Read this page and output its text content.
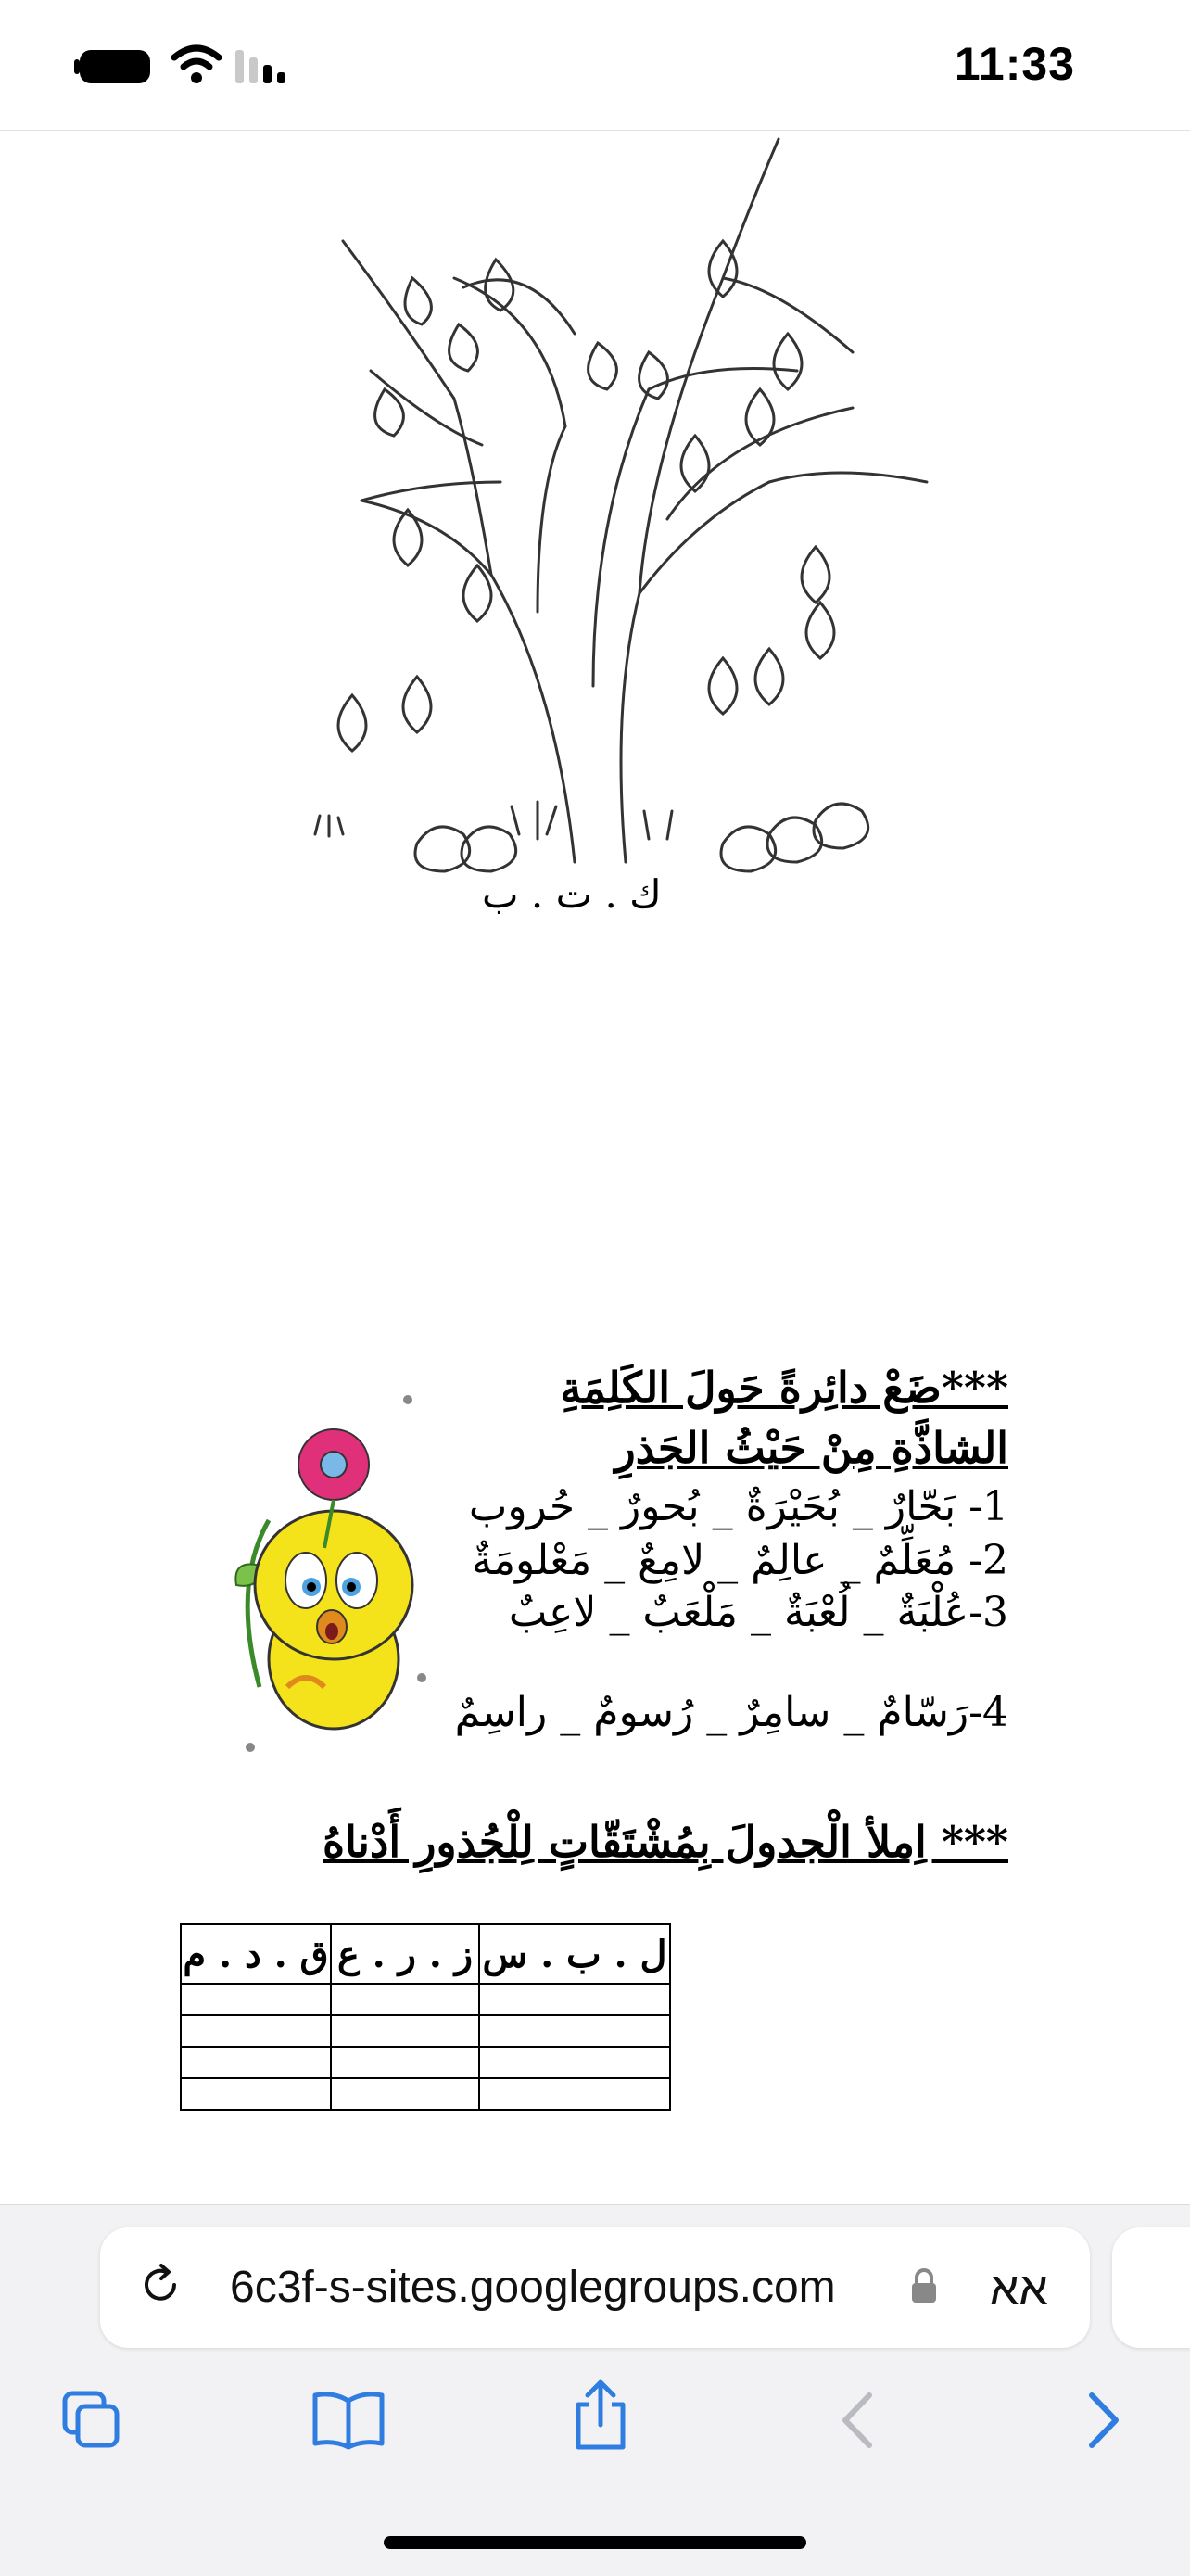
11:33
ك . ت . ب
***ضَعْ دائِرةً حَولَ الكَلِمَةِ
الشاذَّةِ مِنْ حَيْثُ الجَذرِ
1- بَحّارٌ _ بُحَيْرَةٌ _ بُحورٌ _ حُروب
2- مُعَلِّمٌ _ عالِمٌ _ لامِعٌ _ مَعْلومَةٌ
3-عُلْبَةٌ _ لُعْبَةٌ _ مَلْعَبٌ _ لاعِبٌ
4-رَسّامٌ _ سامِرٌ _ رُسومٌ _ راسِمٌ
*** اِملأ الْجدولَ بِمُشْتَقّاتٍ لِلْجُذورِ أَدْناهُ
ق . د . م	ز . ر . ع	ل . ب . س

6c3f-s-sites.googlegroups.com	אא
